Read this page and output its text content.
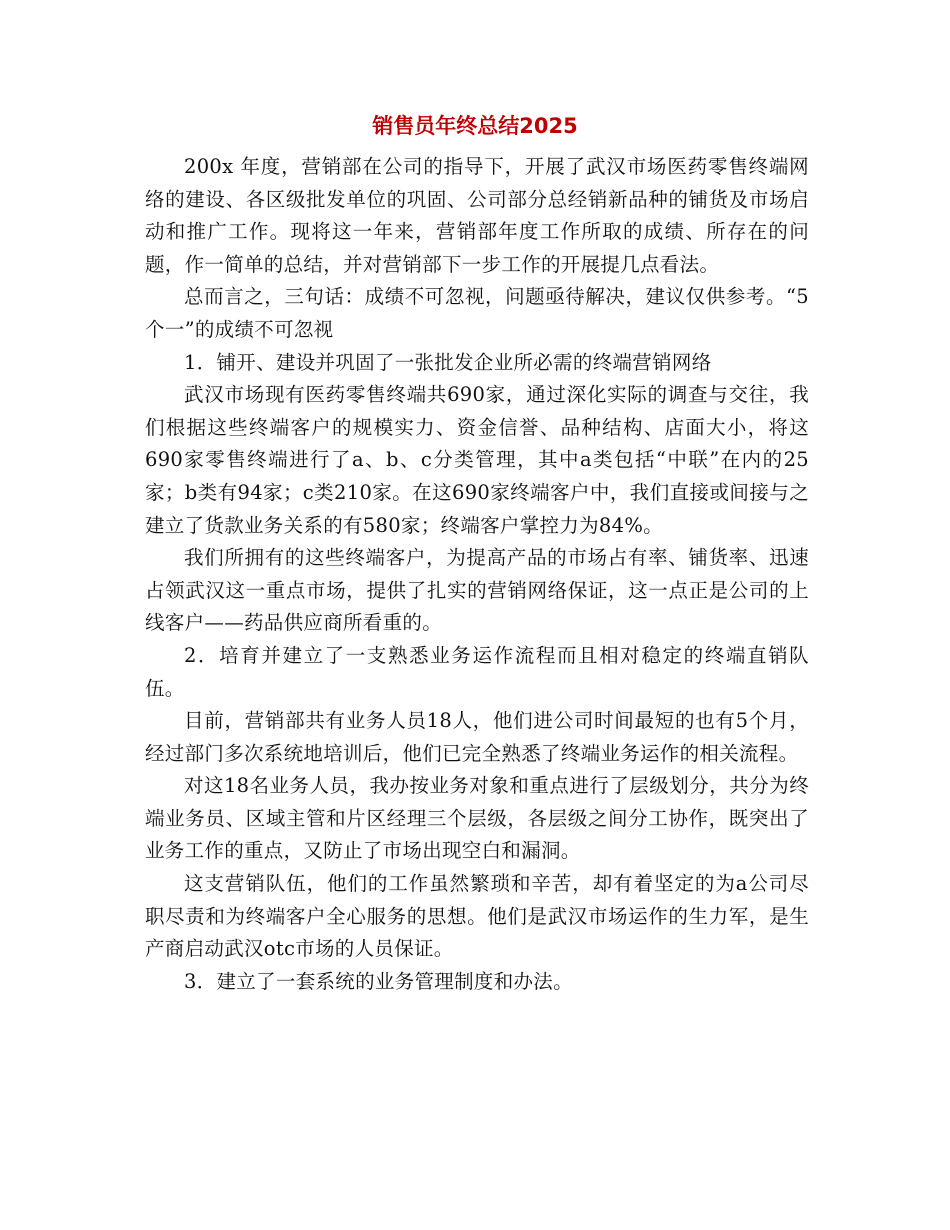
销售员年终总结2025

200x 年度，营销部在公司的指导下，开展了武汉市场医药零售终端网络的建设、各区级批发单位的巩固、公司部分总经销新品种的铺货及市场启动和推广工作。现将这一年来，营销部年度工作所取的成绩、所存在的问题，作一简单的总结，并对营销部下一步工作的开展提几点看法。

总而言之，三句话：成绩不可忽视，问题亟待解决，建议仅供参考。“5个一”的成绩不可忽视

1．铺开、建设并巩固了一张批发企业所必需的终端营销网络

武汉市场现有医药零售终端共690家，通过深化实际的调查与交往，我们根据这些终端客户的规模实力、资金信誉、品种结构、店面大小，将这690家零售终端进行了a、b、c分类管理，其中a类包括“中联”在内的25家；b类有94家；c类210家。在这690家终端客户中，我们直接或间接与之建立了货款业务关系的有580家；终端客户掌控力为84%。

我们所拥有的这些终端客户，为提高产品的市场占有率、铺货率、迅速占领武汉这一重点市场，提供了扎实的营销网络保证，这一点正是公司的上线客户——药品供应商所看重的。

2．培育并建立了一支熟悉业务运作流程而且相对稳定的终端直销队伍。

目前，营销部共有业务人员18人，他们进公司时间最短的也有5个月，经过部门多次系统地培训后，他们已完全熟悉了终端业务运作的相关流程。

对这18名业务人员，我办按业务对象和重点进行了层级划分，共分为终端业务员、区域主管和片区经理三个层级，各层级之间分工协作，既突出了业务工作的重点，又防止了市场出现空白和漏洞。

这支营销队伍，他们的工作虽然繁琐和辛苦，却有着坚定的为a公司尽职尽责和为终端客户全心服务的思想。他们是武汉市场运作的生力军，是生产商启动武汉otc市场的人员保证。

3．建立了一套系统的业务管理制度和办法。
